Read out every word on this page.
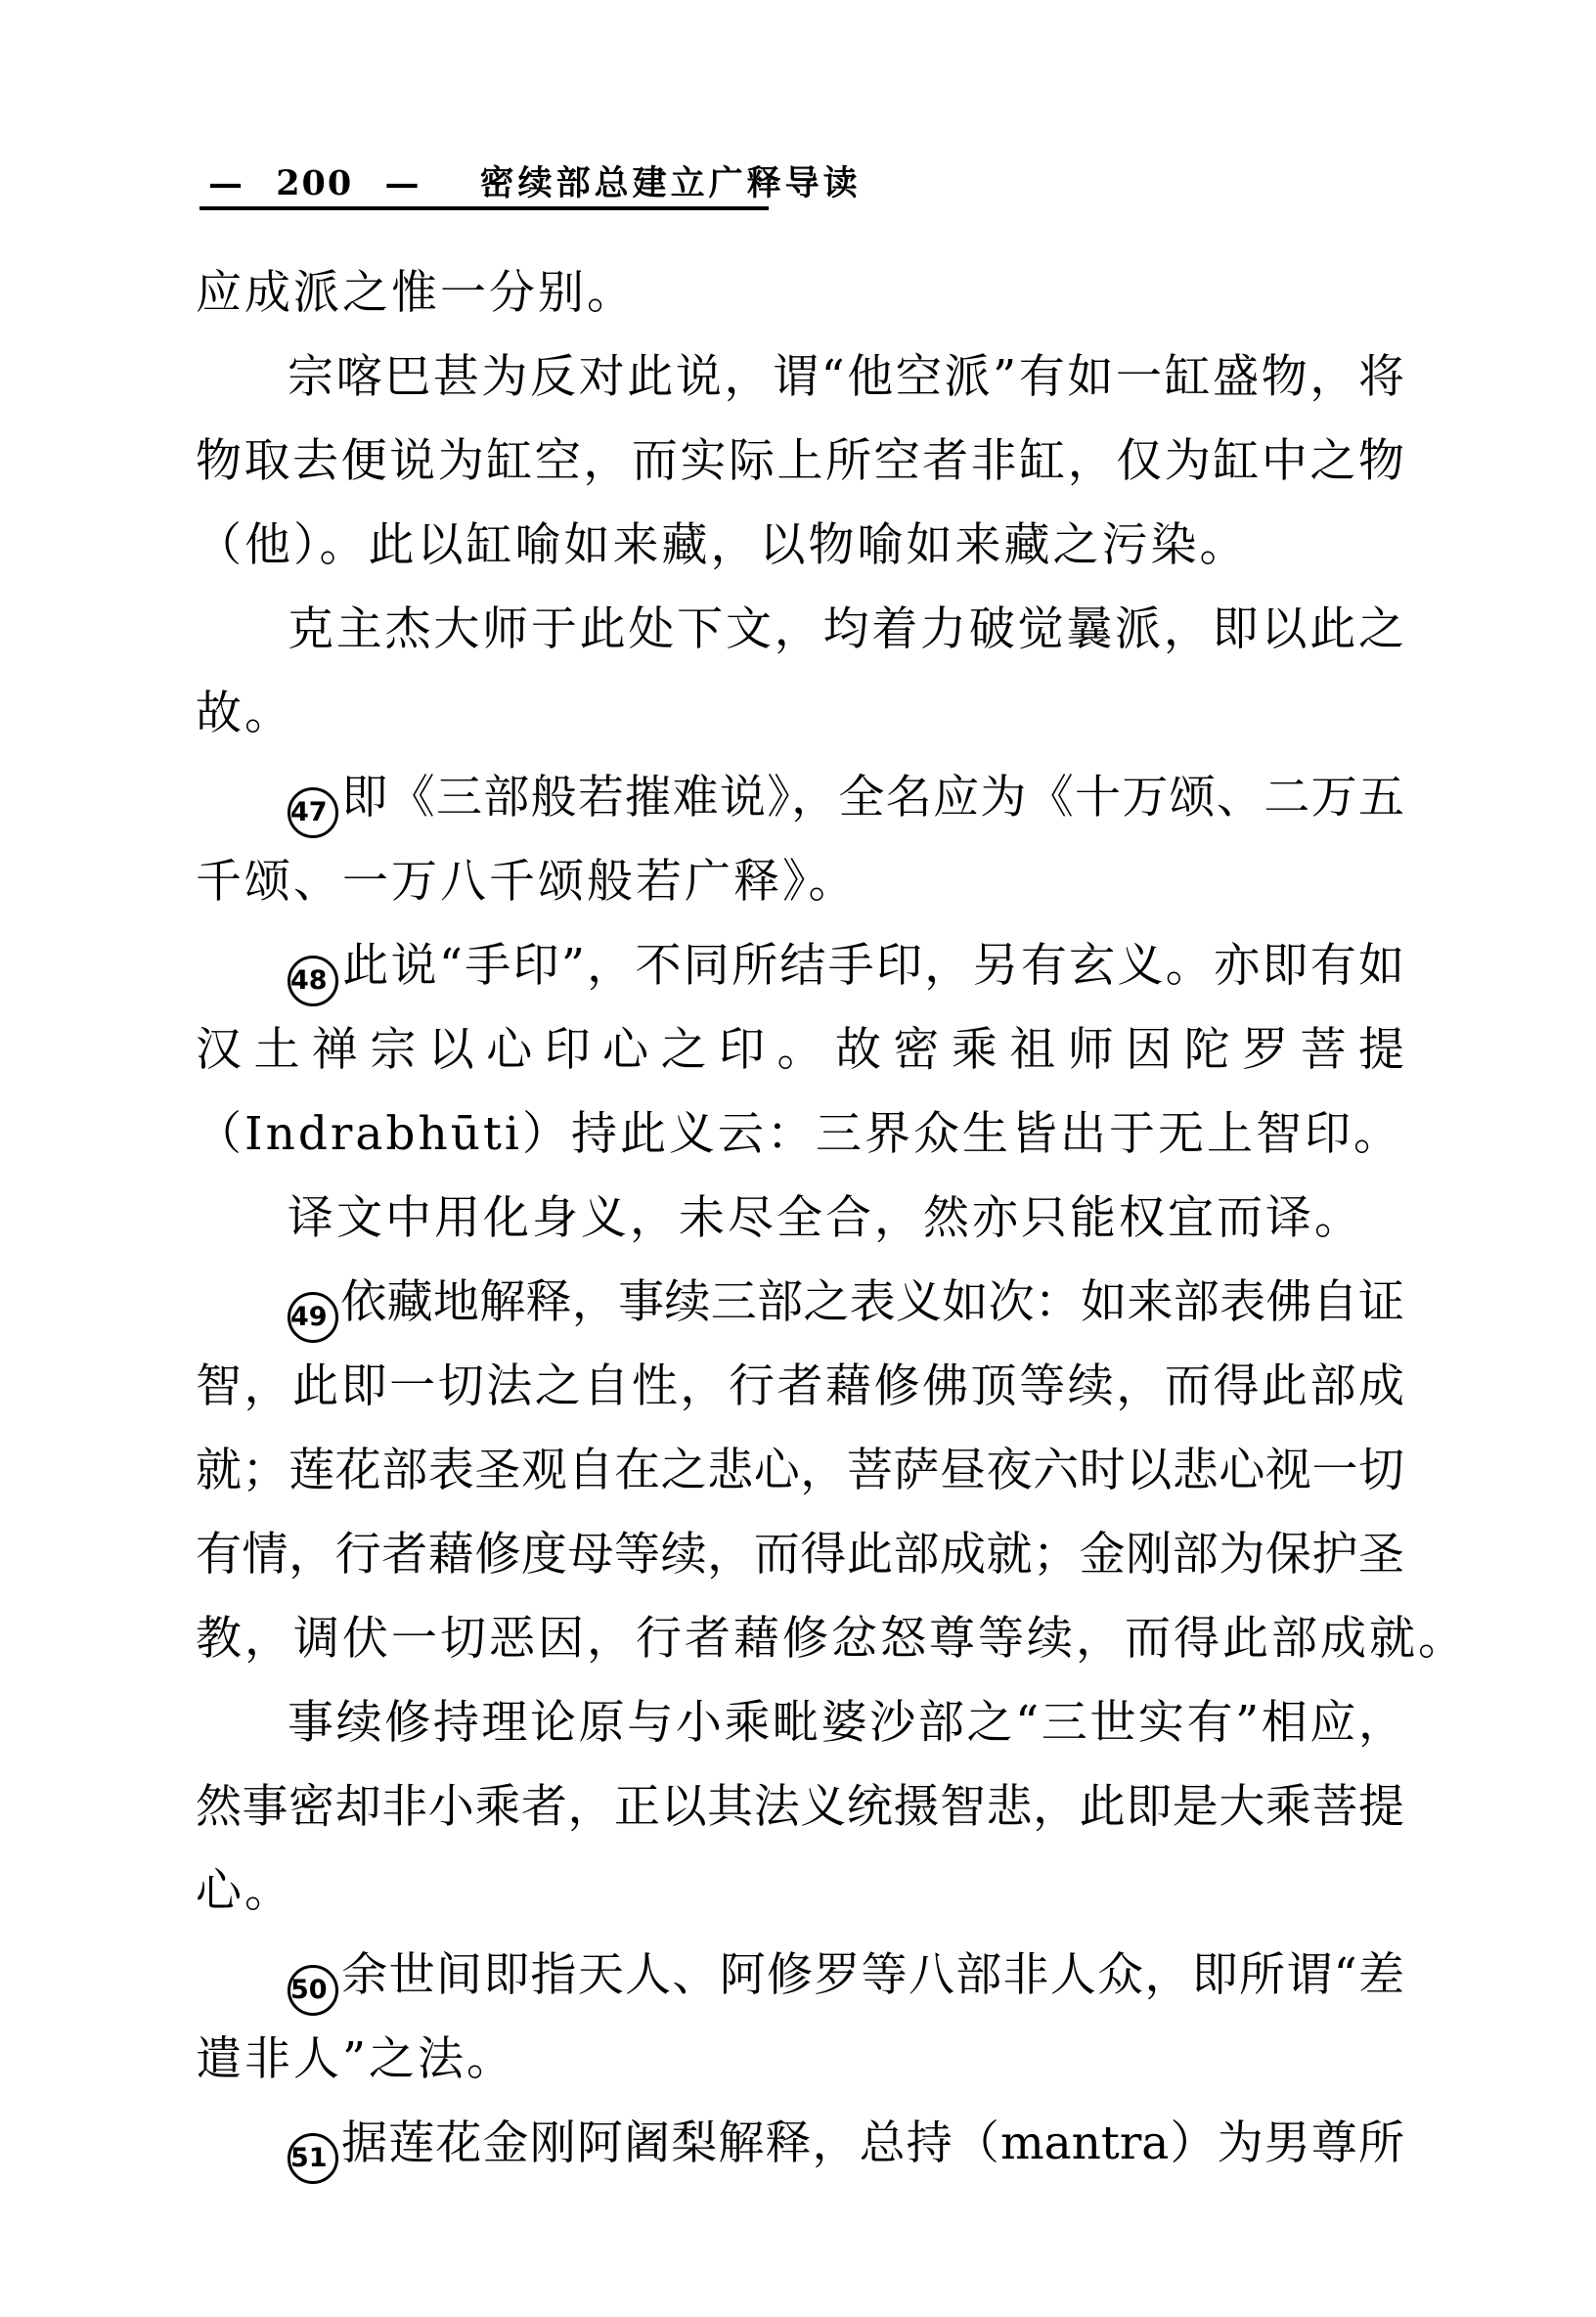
— 200 — 密续部总建立广释导读
应成派之惟一分别。
宗喀巴甚为反对此说，谓“他空派”有如一缸盛物，将
物取去便说为缸空，而实际上所空者非缸，仅为缸中之物
（他）。此以缸喻如来藏，以物喻如来藏之污染。
克主杰大师于此处下文，均着力破觉曩派，即以此之
故。
47 即《三部般若摧难说》，全名应为《十万颂、二万五
千颂、一万八千颂般若广释》。
48 此说“手印”，不同所结手印，另有玄义。亦即有如
汉土禅宗以心印心之印。故密乘祖师因陀罗菩提
（Indrabhūti）持此义云：三界众生皆出于无上智印。
译文中用化身义，未尽全合，然亦只能权宜而译。
49 依藏地解释，事续三部之表义如次：如来部表佛自证
智，此即一切法之自性，行者藉修佛顶等续，而得此部成
就；莲花部表圣观自在之悲心，菩萨昼夜六时以悲心视一切
有情，行者藉修度母等续，而得此部成就；金刚部为保护圣
教，调伏一切恶因，行者藉修忿怒尊等续，而得此部成就。
事续修持理论原与小乘毗婆沙部之“三世实有”相应，
然事密却非小乘者，正以其法义统摄智悲，此即是大乘菩提
心。
50 余世间即指天人、阿修罗等八部非人众，即所谓“差
遣非人”之法。
51 据莲花金刚阿阇梨解释，总持（mantra）为男尊所
